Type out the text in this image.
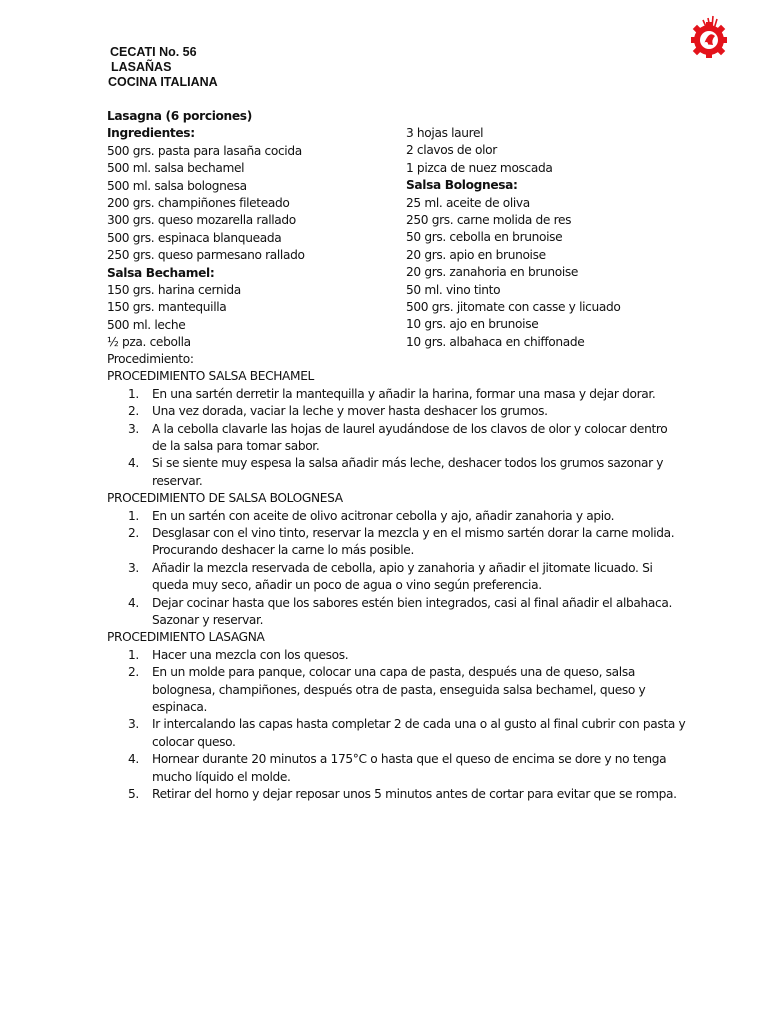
CECATI No. 56
LASAÑAS
COCINA ITALIANA
Lasagna (6 porciones)
Ingredientes:
500 grs. pasta para lasaña cocida
500 ml. salsa bechamel
500 ml. salsa bolognesa
200 grs. champiñones fileteado
300 grs. queso mozarella rallado
500 grs. espinaca blanqueada
250 grs. queso parmesano rallado
Salsa Bechamel:
150 grs. harina cernida
150 grs. mantequilla
500 ml. leche
½ pza. cebolla
3 hojas laurel
2 clavos de olor
1 pizca de nuez moscada
Salsa Bolognesa:
25 ml. aceite de oliva
250 grs. carne molida de res
50 grs. cebolla en brunoise
20 grs. apio en brunoise
20 grs. zanahoria en brunoise
50 ml. vino tinto
500 grs. jitomate con casse y licuado
10 grs. ajo en brunoise
10 grs. albahaca en chiffonade
Procedimiento:
PROCEDIMIENTO SALSA BECHAMEL
1. En una sartén derretir la mantequilla y añadir la harina, formar una masa y dejar dorar.
2. Una vez dorada, vaciar la leche y mover hasta deshacer los grumos.
3. A la cebolla clavarle las hojas de laurel ayudándose de los clavos de olor y colocar dentro
de la salsa para tomar sabor.
4. Si se siente muy espesa la salsa añadir más leche, deshacer todos los grumos sazonar y
reservar.
PROCEDIMIENTO DE SALSA BOLOGNESA
1. En un sartén con aceite de olivo acitronar cebolla y ajo, añadir zanahoria y apio.
2. Desglasar con el vino tinto, reservar la mezcla y en el mismo sartén dorar la carne molida.
Procurando deshacer la carne lo más posible.
3. Añadir la mezcla reservada de cebolla, apio y zanahoria y añadir el jitomate licuado. Si
queda muy seco, añadir un poco de agua o vino según preferencia.
4. Dejar cocinar hasta que los sabores estén bien integrados, casi al final añadir el albahaca.
Sazonar y reservar.
PROCEDIMIENTO LASAGNA
1. Hacer una mezcla con los quesos.
2. En un molde para panque, colocar una capa de pasta, después una de queso, salsa
bolognesa, champiñones, después otra de pasta, enseguida salsa bechamel, queso y
espinaca.
3. Ir intercalando las capas hasta completar 2 de cada una o al gusto al final cubrir con pasta y
colocar queso.
4. Hornear durante 20 minutos a 175°C o hasta que el queso de encima se dore y no tenga
mucho líquido el molde.
5. Retirar del horno y dejar reposar unos 5 minutos antes de cortar para evitar que se rompa.
